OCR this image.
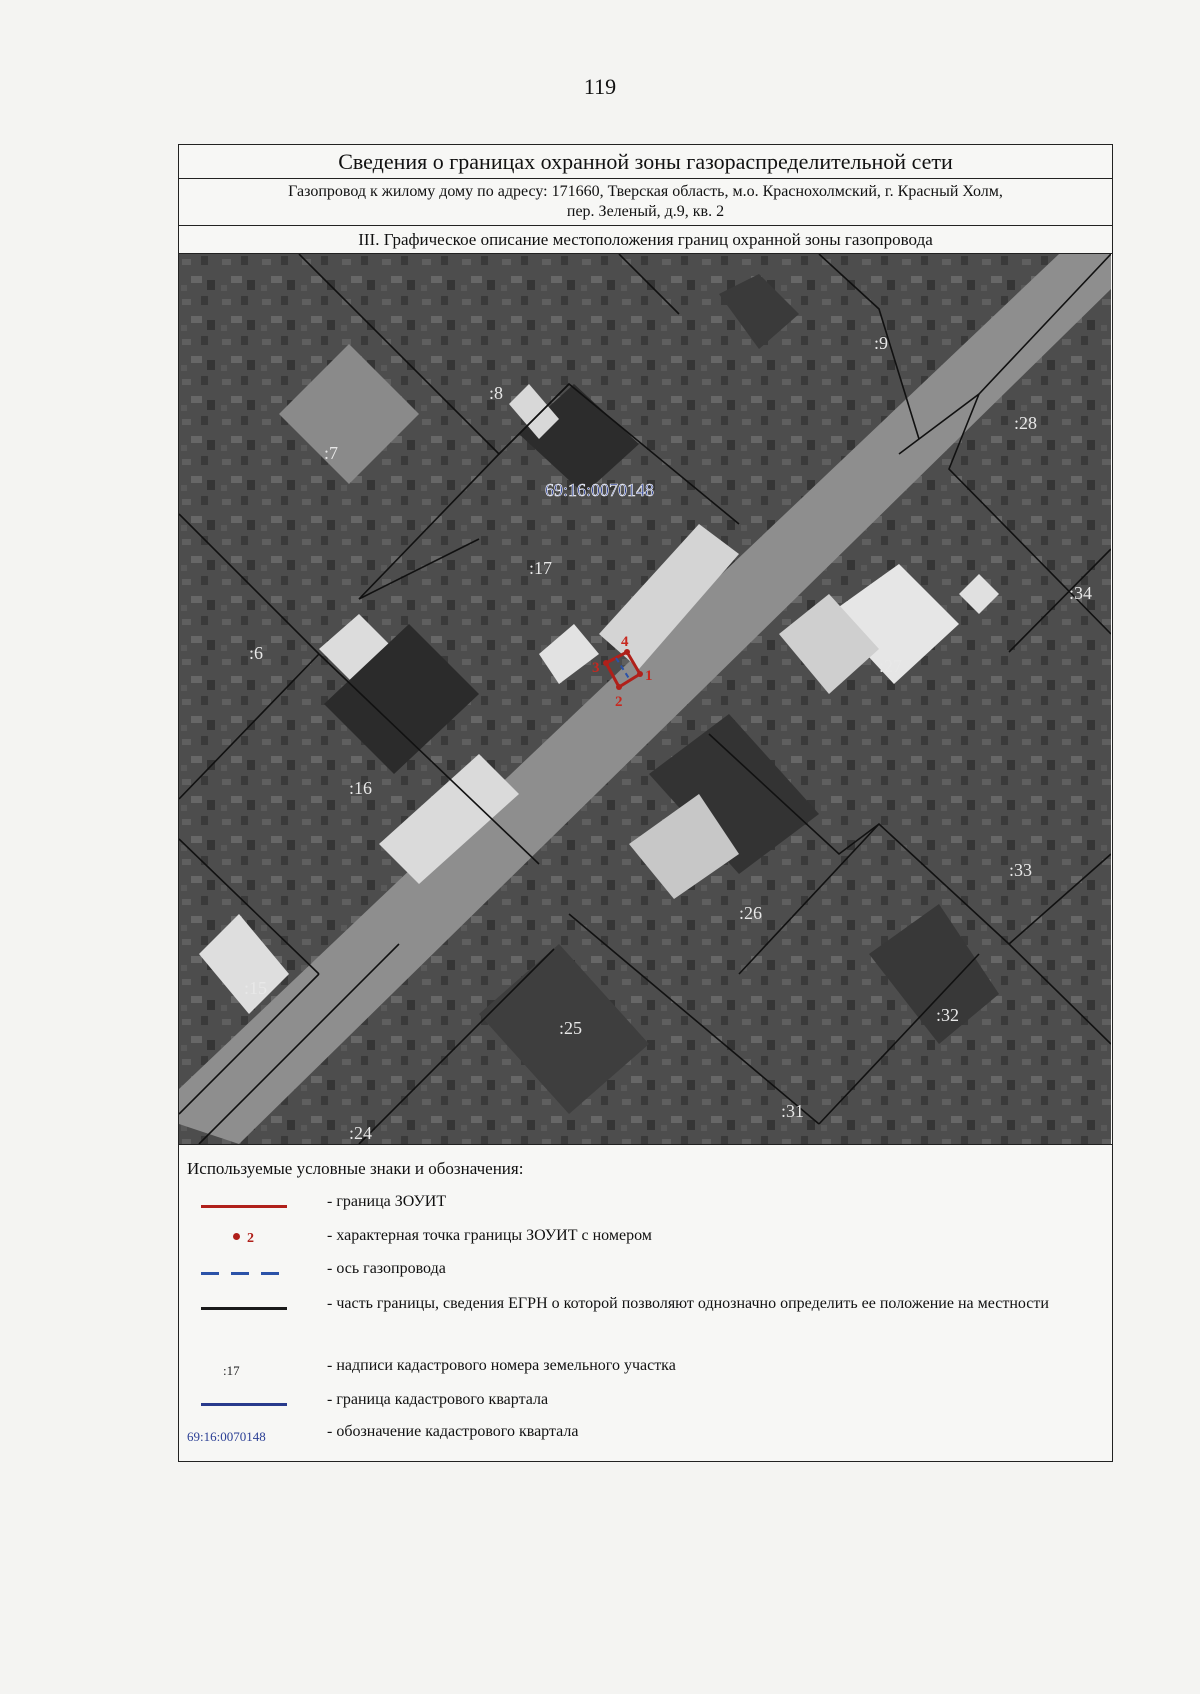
119
Сведения о границах охранной зоны газораспределительной сети
Газопровод к жилому дому по адресу: 171660, Тверская область, м.о. Краснохолмский, г. Красный Холм,
пер. Зеленый, д.9, кв. 2
III. Графическое описание местоположения границ охранной зоны газопровода
1
2
3
4
69:16:0070148
:6
:7
:8
:9
:15
:16
:17
:24
:25
:26
:27
:28
:31
:32
:33
:34
Используемые условные знаки и обозначения:
- граница ЗОУИТ
2	- характерная точка границы ЗОУИТ с номером
- ось газопровода
- часть границы, сведения ЕГРН о которой позволяют однозначно определить ее положение на местности
:17	- надписи кадастрового номера земельного участка
- граница кадастрового квартала
69:16:0070148	- обозначение кадастрового квартала
